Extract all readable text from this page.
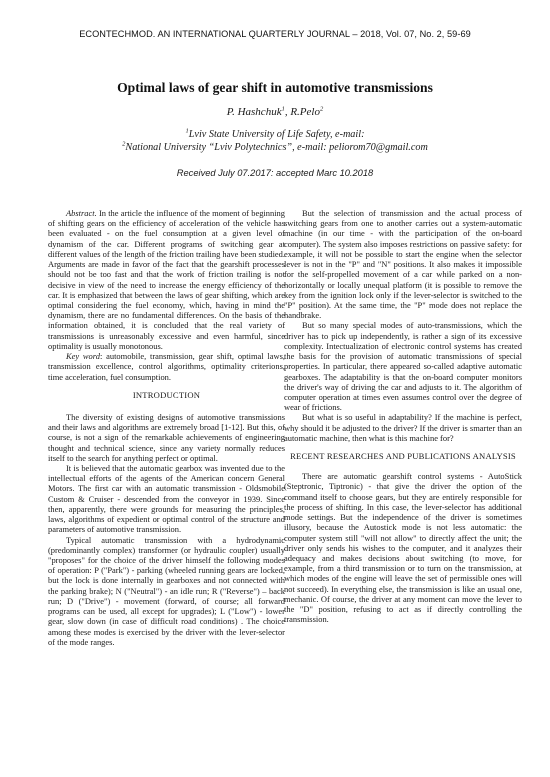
ECONTECHMOD. AN INTERNATIONAL QUARTERLY JOURNAL – 2018, Vol. 07, No. 2, 59-69
Optimal laws of gear shift in automotive transmissions
P. Hashchuk$^1$, R.Pelo$^2$
$^1$Lviv State University of Life Safety, e-mail:
$^2$National University “Lviv Polytechnics”, e-mail: peliorom70@gmail.com
Received July 07.2017: accepted Marc 10.2018

Abstract. In the article the influence of the moment of beginning of shifting gears on the efficiency of acceleration of the vehicle has been evaluated - on the fuel consumption at a given level of dynamism of the car. Different programs of switching gear at different values of the length of the friction trailing have been studied. Arguments are made in favor of the fact that the gearshift processes should not be too fast and that the work of friction trailing is not decisive in view of the need to increase the energy efficiency of the car. It is emphasized that between the laws of gear shifting, which are optimal considering the fuel economy, which, having in mind the dynamism, there are no fundamental differences. On the basis of the information obtained, it is concluded that the real variety of transmissions is unreasonably excessive and even harmful, since optimality is usually monotonous.

Key word: automobile, transmission, gear shift, optimal laws, transmission excellence, control algorithms, optimality criterions, time acceleration, fuel consumption.

INTRODUCTION

The diversity of existing designs of automotive transmissions and their laws and algorithms are extremely broad [1-12]. But this, of course, is not a sign of the remarkable achievements of engineering thought and technical science, since any variety normally reduces itself to the search for anything perfect or optimal.

It is believed that the automatic gearbox was invented due to the intellectual efforts of the agents of the American concern General Motors. The first car with an automatic transmission - Oldsmobile Custom & Cruiser - descended from the conveyor in 1939. Since then, apparently, there were grounds for measuring the principles, laws, algorithms of expedient or optimal control of the structure and parameters of automotive transmission.

Typical automatic transmission with a hydrodynamic (predominantly complex) transformer (or hydraulic coupler) usually "proposes" for the choice of the driver himself the following modes of operation: P ("Park") - parking (wheeled running gears are locked, but the lock is done internally in gearboxes and not connected with the parking brake); N ("Neutral") - an idle run; R ("Reverse") – back run; D ("Drive") - movement (forward, of course; all forward programs can be used, all except for upgrades); L ("Low") - lower gear, slow down (in case of difficult road conditions) . The choice among these modes is exercised by the driver with the lever-selector of the mode ranges.

But the selection of transmission and the actual process of switching gears from one to another carries out a system-automatic machine (in our time - with the participation of the on-board computer). The system also imposes restrictions on passive safety: for example, it will not be possible to start the engine when the selector lever is not in the "P" and "N" positions. It also makes it impossible for the self-propelled movement of a car while parked on a non-horizontally or locally unequal platform (it is possible to remove the key from the ignition lock only if the lever-selector is switched to the "P" position). At the same time, the "P" mode does not replace the handbrake.

But so many special modes of auto-transmissions, which the driver has to pick up independently, is rather a sign of its excessive complexity. Intectualization of electronic control systems has created the basis for the provision of automatic transmissions of special properties. In particular, there appeared so-called adaptive automatic gearboxes. The adaptability is that the on-board computer monitors the driver's way of driving the car and adjusts to it. The algorithm of computer operation at times even assumes control over the degree of wear of frictions.

But what is so useful in adaptability? If the machine is perfect, why should it be adjusted to the driver? If the driver is smarter than an automatic machine, then what is this machine for?

RECENT RESEARCHES AND PUBLICATIONS ANALYSIS

There are automatic gearshift control systems - AutoStick (Steptronic, Tiptronic) - that give the driver the option of the command itself to choose gears, but they are entirely responsible for the process of shifting. In this case, the lever-selector has additional mode settings. But the independence of the driver is sometimes illusory, because the Autostick mode is not less automatic: the computer system still "will not allow" to directly affect the unit; the driver only sends his wishes to the computer, and it analyzes their adequacy and makes decisions about switching (to move, for example, from a third transmission or to turn on the transmission, at which modes of the engine will leave the set of permissible ones will not succeed). In everything else, the transmission is like an usual one, mechanic. Of course, the driver at any moment can move the lever to the "D" position, refusing to act as if directly controlling the transmission.
